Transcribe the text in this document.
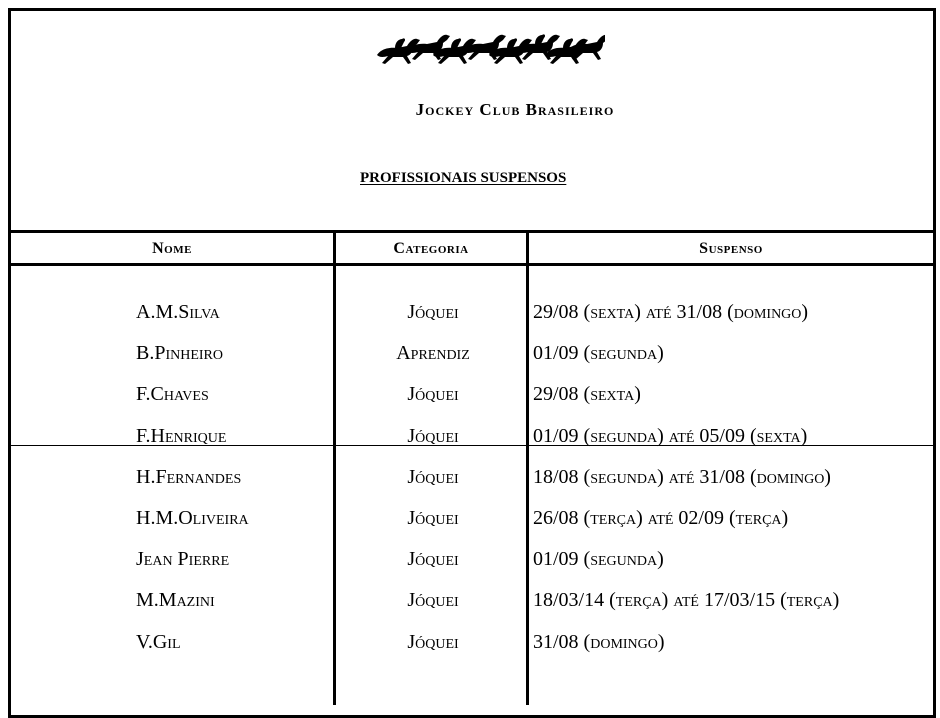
Jockey Club Brasileiro
PROFISSIONAIS SUSPENSOS
Nome	Categoria	Suspenso
A.M.Silva	Jóquei	29/08 (sexta) até 31/08 (domingo)
B.Pinheiro	Aprendiz	01/09 (segunda)
F.Chaves	Jóquei	29/08 (sexta)
F.Henrique	Jóquei	01/09 (segunda) até 05/09 (sexta)
H.Fernandes	Jóquei	18/08 (segunda) até 31/08 (domingo)
H.M.Oliveira	Jóquei	26/08 (terça) até 02/09 (terça)
Jean Pierre	Jóquei	01/09 (segunda)
M.Mazini	Jóquei	18/03/14 (terça) até 17/03/15 (terça)
V.Gil	Jóquei	31/08 (domingo)
